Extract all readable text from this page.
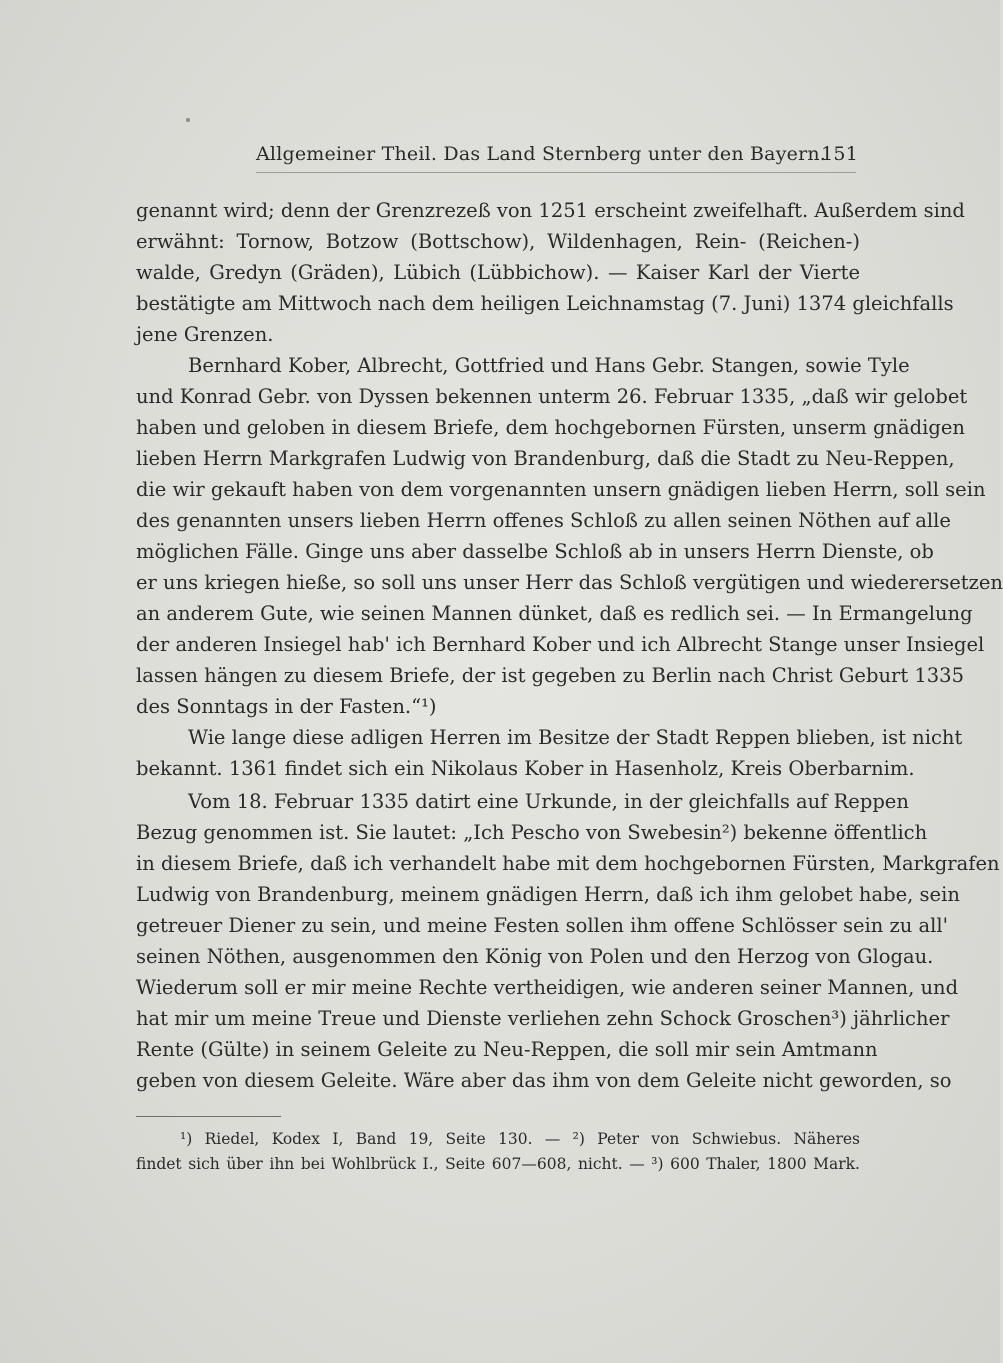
Allgemeiner Theil. Das Land Sternberg unter den Bayern.
151
genannt wird; denn der Grenzrezeß von 1251 erscheint zweifelhaft. Außerdem sind
erwähnt: Tornow, Botzow (Bottschow), Wildenhagen, Rein- (Reichen-)
walde, Gredyn (Gräden), Lübich (Lübbichow). — Kaiser Karl der Vierte
bestätigte am Mittwoch nach dem heiligen Leichnamstag (7. Juni) 1374 gleichfalls
jene Grenzen.
Bernhard Kober, Albrecht, Gottfried und Hans Gebr. Stangen, sowie Tyle
und Konrad Gebr. von Dyssen bekennen unterm 26. Februar 1335, „daß wir gelobet
haben und geloben in diesem Briefe, dem hochgebornen Fürsten, unserm gnädigen
lieben Herrn Markgrafen Ludwig von Brandenburg, daß die Stadt zu Neu-Reppen,
die wir gekauft haben von dem vorgenannten unsern gnädigen lieben Herrn, soll sein
des genannten unsers lieben Herrn offenes Schloß zu allen seinen Nöthen auf alle
möglichen Fälle. Ginge uns aber dasselbe Schloß ab in unsers Herrn Dienste, ob
er uns kriegen hieße, so soll uns unser Herr das Schloß vergütigen und wiederersetzen
an anderem Gute, wie seinen Mannen dünket, daß es redlich sei. — In Ermangelung
der anderen Insiegel hab' ich Bernhard Kober und ich Albrecht Stange unser Insiegel
lassen hängen zu diesem Briefe, der ist gegeben zu Berlin nach Christ Geburt 1335
des Sonntags in der Fasten.“¹)
Wie lange diese adligen Herren im Besitze der Stadt Reppen blieben, ist nicht
bekannt. 1361 findet sich ein Nikolaus Kober in Hasenholz, Kreis Oberbarnim.
Vom 18. Februar 1335 datirt eine Urkunde, in der gleichfalls auf Reppen
Bezug genommen ist. Sie lautet: „Ich Pescho von Swebesin²) bekenne öffentlich
in diesem Briefe, daß ich verhandelt habe mit dem hochgebornen Fürsten, Markgrafen
Ludwig von Brandenburg, meinem gnädigen Herrn, daß ich ihm gelobet habe, sein
getreuer Diener zu sein, und meine Festen sollen ihm offene Schlösser sein zu all'
seinen Nöthen, ausgenommen den König von Polen und den Herzog von Glogau.
Wiederum soll er mir meine Rechte vertheidigen, wie anderen seiner Mannen, und
hat mir um meine Treue und Dienste verliehen zehn Schock Groschen³) jährlicher
Rente (Gülte) in seinem Geleite zu Neu-Reppen, die soll mir sein Amtmann
geben von diesem Geleite. Wäre aber das ihm von dem Geleite nicht geworden, so
¹) Riedel, Kodex I, Band 19, Seite 130. — ²) Peter von Schwiebus. Näheres
findet sich über ihn bei Wohlbrück I., Seite 607—608, nicht. — ³) 600 Thaler, 1800 Mark.
